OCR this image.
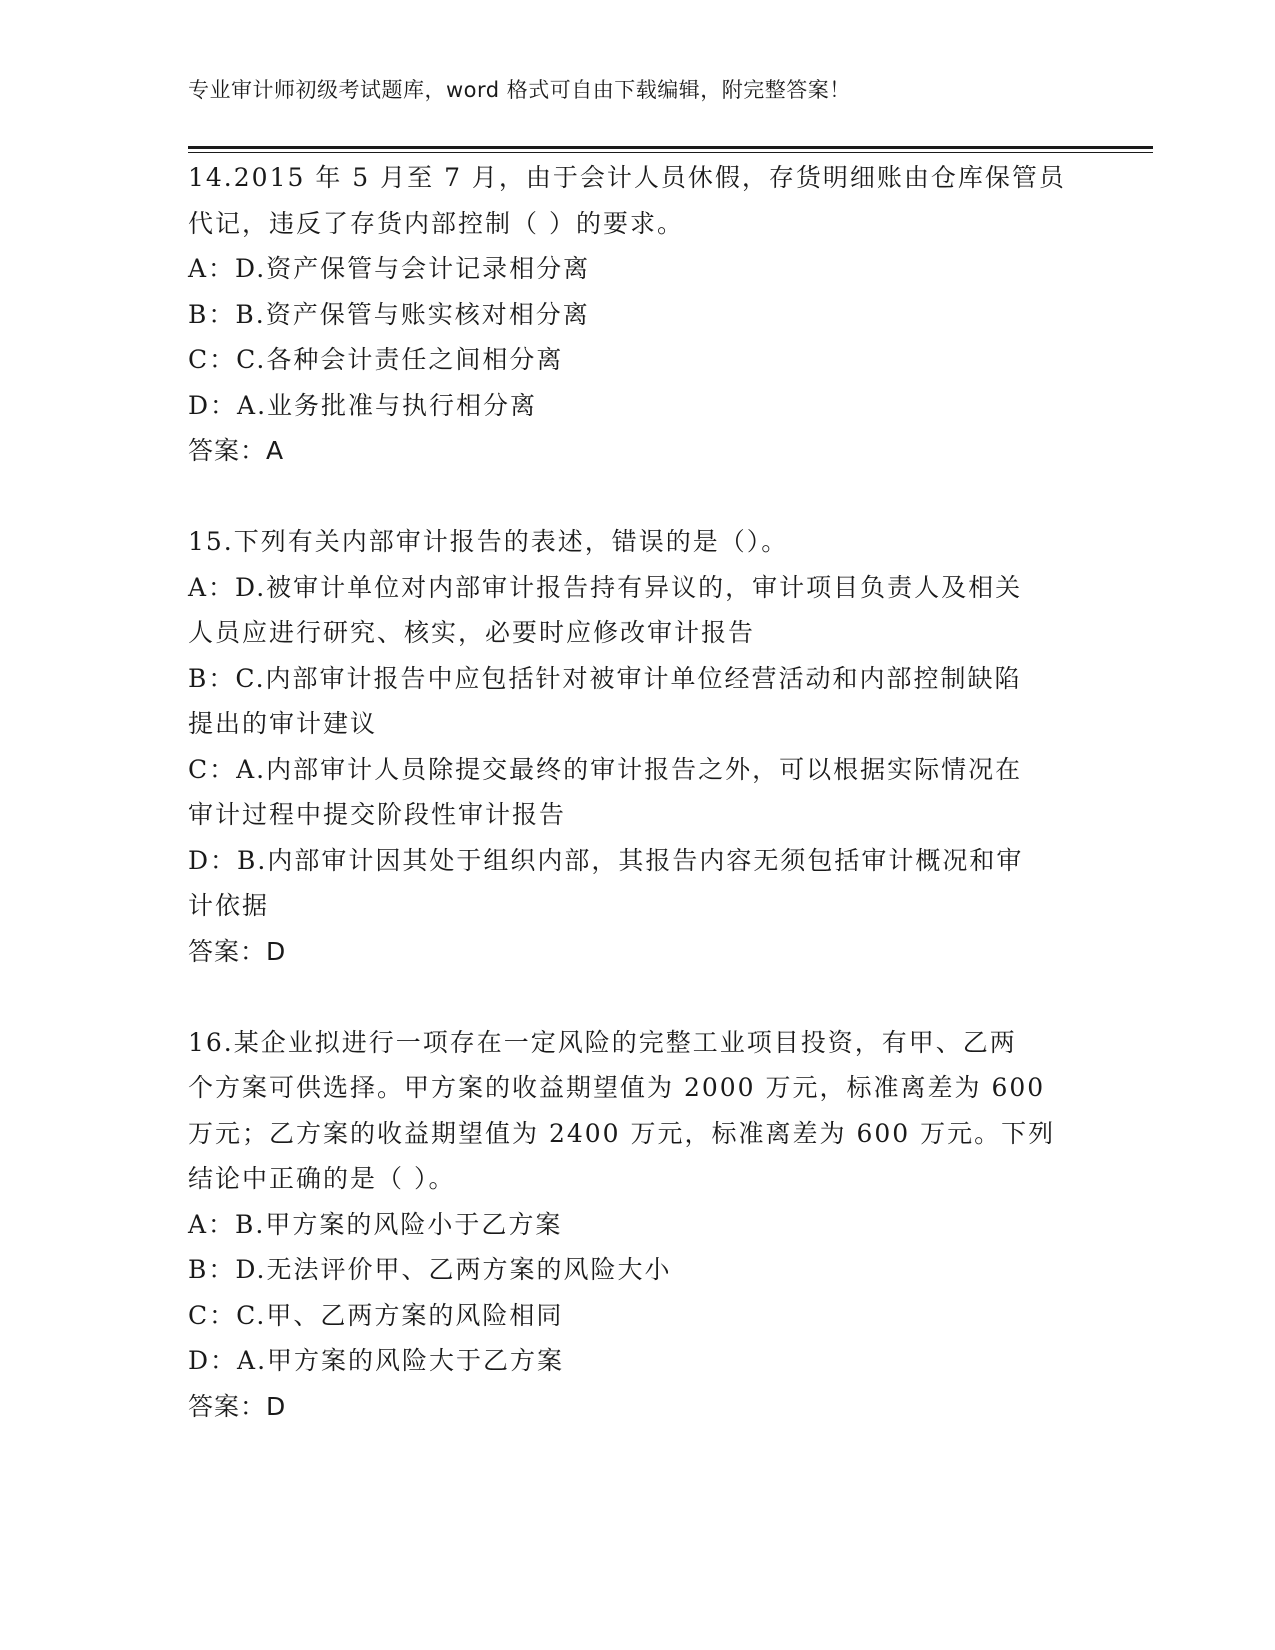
专业审计师初级考试题库，word 格式可自由下载编辑，附完整答案！
14.2015 年 5 月至 7 月，由于会计人员休假，存货明细账由仓库保管员
代记，违反了存货内部控制（ ）的要求。
A：D.资产保管与会计记录相分离
B：B.资产保管与账实核对相分离
C：C.各种会计责任之间相分离
D：A.业务批准与执行相分离
答案：A
15.下列有关内部审计报告的表述，错误的是（）。
A：D.被审计单位对内部审计报告持有异议的，审计项目负责人及相关
人员应进行研究、核实，必要时应修改审计报告
B：C.内部审计报告中应包括针对被审计单位经营活动和内部控制缺陷
提出的审计建议
C：A.内部审计人员除提交最终的审计报告之外，可以根据实际情况在
审计过程中提交阶段性审计报告
D：B.内部审计因其处于组织内部，其报告内容无须包括审计概况和审
计依据
答案：D
16.某企业拟进行一项存在一定风险的完整工业项目投资，有甲、乙两
个方案可供选择。甲方案的收益期望值为 2000 万元，标准离差为 600
万元；乙方案的收益期望值为 2400 万元，标准离差为 600 万元。下列
结论中正确的是（ ）。
A：B.甲方案的风险小于乙方案
B：D.无法评价甲、乙两方案的风险大小
C：C.甲、乙两方案的风险相同
D：A.甲方案的风险大于乙方案
答案：D
